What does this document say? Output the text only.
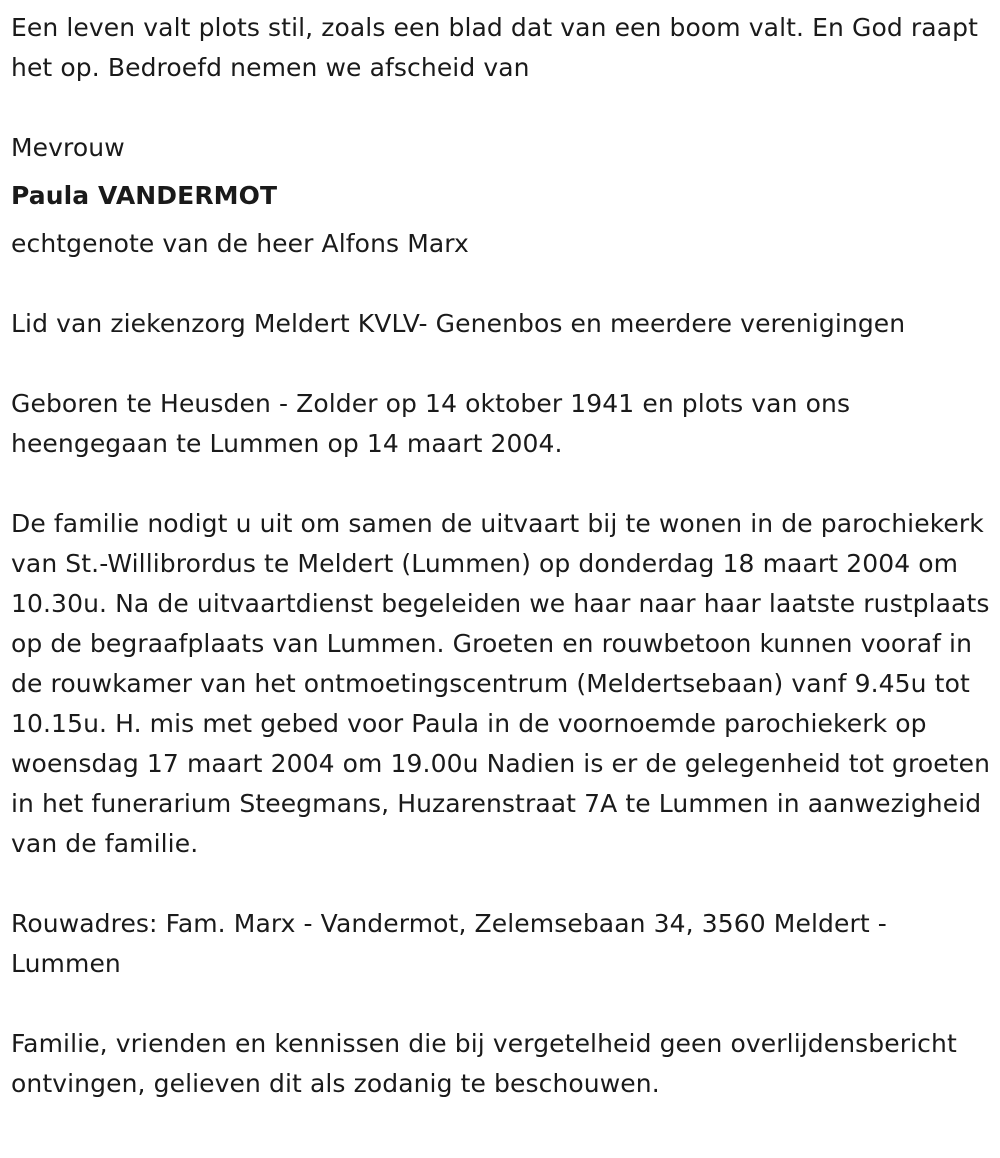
Een leven valt plots stil, zoals een blad dat van een boom valt. En God raapt het op. Bedroefd nemen we afscheid van

Mevrouw

Paula VANDERMOT

echtgenote van de heer Alfons Marx

Lid van ziekenzorg Meldert KVLV- Genenbos en meerdere verenigingen

Geboren te Heusden - Zolder op 14 oktober 1941 en plots van ons heengegaan te Lummen op 14 maart 2004.

De familie nodigt u uit om samen de uitvaart bij te wonen in de parochiekerk van St.-Willibrordus te Meldert (Lummen) op donderdag 18 maart 2004 om 10.30u. Na de uitvaartdienst begeleiden we haar naar haar laatste rustplaats op de begraafplaats van Lummen. Groeten en rouwbetoon kunnen vooraf in de rouwkamer van het ontmoetingscentrum (Meldertsebaan) vanf 9.45u tot 10.15u. H. mis met gebed voor Paula in de voornoemde parochiekerk op woensdag 17 maart 2004 om 19.00u Nadien is er de gelegenheid tot groeten in het funerarium Steegmans, Huzarenstraat 7A te Lummen in aanwezigheid van de familie.

Rouwadres: Fam. Marx - Vandermot, Zelemsebaan 34, 3560 Meldert - Lummen

Familie, vrienden en kennissen die bij vergetelheid geen overlijdensbericht ontvingen, gelieven dit als zodanig te beschouwen.
